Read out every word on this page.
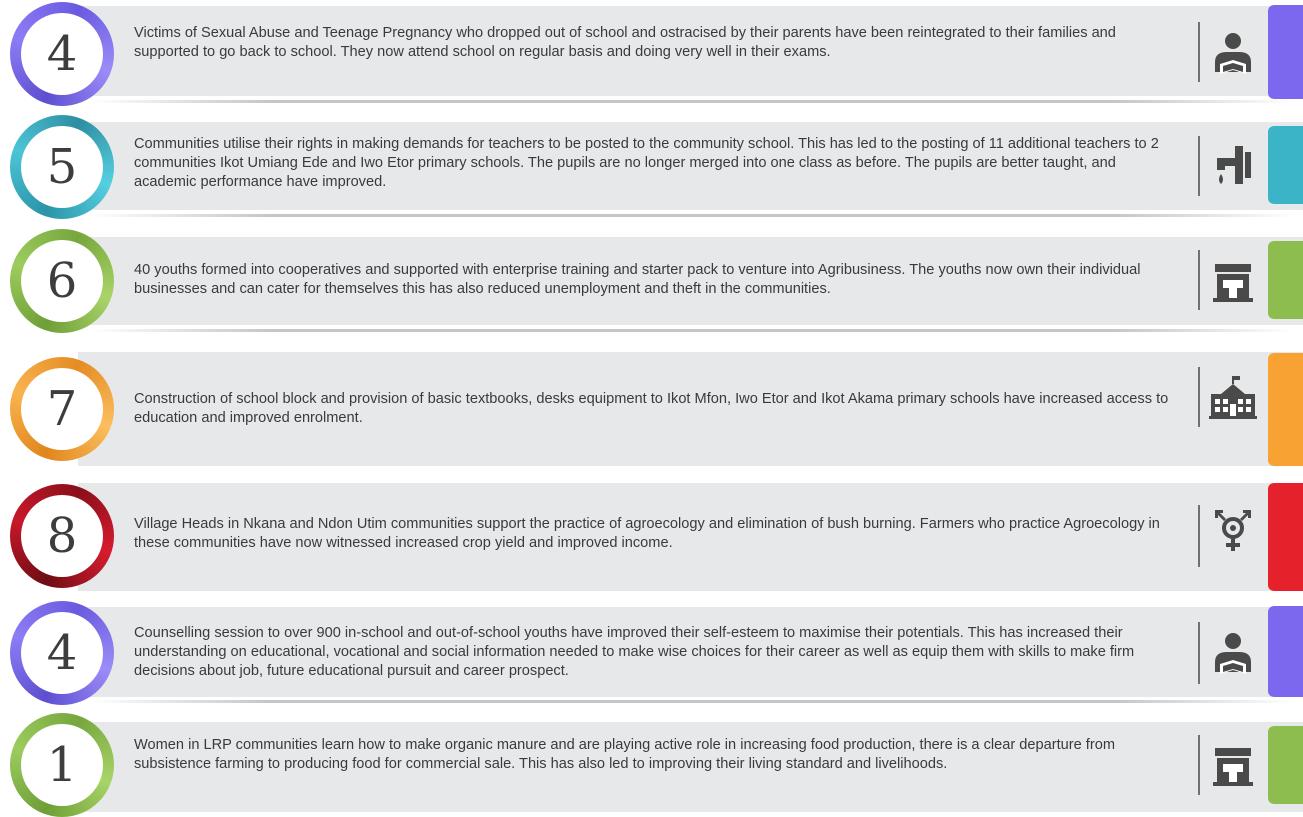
4	Victims of Sexual Abuse and Teenage Pregnancy who dropped out of school and ostracised by their parents have been reintegrated to their families and supported to go back to school. They now attend school on regular basis and doing very well in their exams.
5	Communities utilise their rights in making demands for teachers to be posted to the community school. This has led to the posting of 11 additional teachers to 2 communities Ikot Umiang Ede and Iwo Etor primary schools. The pupils are no longer merged into one class as before. The pupils are better taught, and academic performance have improved.
6	40 youths formed into cooperatives and supported with enterprise training and starter pack to venture into Agribusiness. The youths now own their individual businesses and can cater for themselves this has also reduced unemployment and theft in the communities.
7	Construction of school block and provision of basic textbooks, desks equipment to Ikot Mfon, Iwo Etor and Ikot Akama primary schools have increased access to education and improved enrolment.
8	Village Heads in Nkana and Ndon Utim communities support the practice of agroecology and elimination of bush burning. Farmers who practice Agroecology in these communities have now witnessed increased crop yield and improved income.
4	Counselling session to over 900 in-school and out-of-school youths have improved their self-esteem to maximise their potentials. This has increased their understanding on educational, vocational and social information needed to make wise choices for their career as well as equip them with skills to make firm decisions about job, future educational pursuit and career prospect.
1	Women in LRP communities learn how to make organic manure and are playing active role in increasing food production, there is a clear departure from subsistence farming to producing food for commercial sale. This has also led to improving their living standard and livelihoods.
